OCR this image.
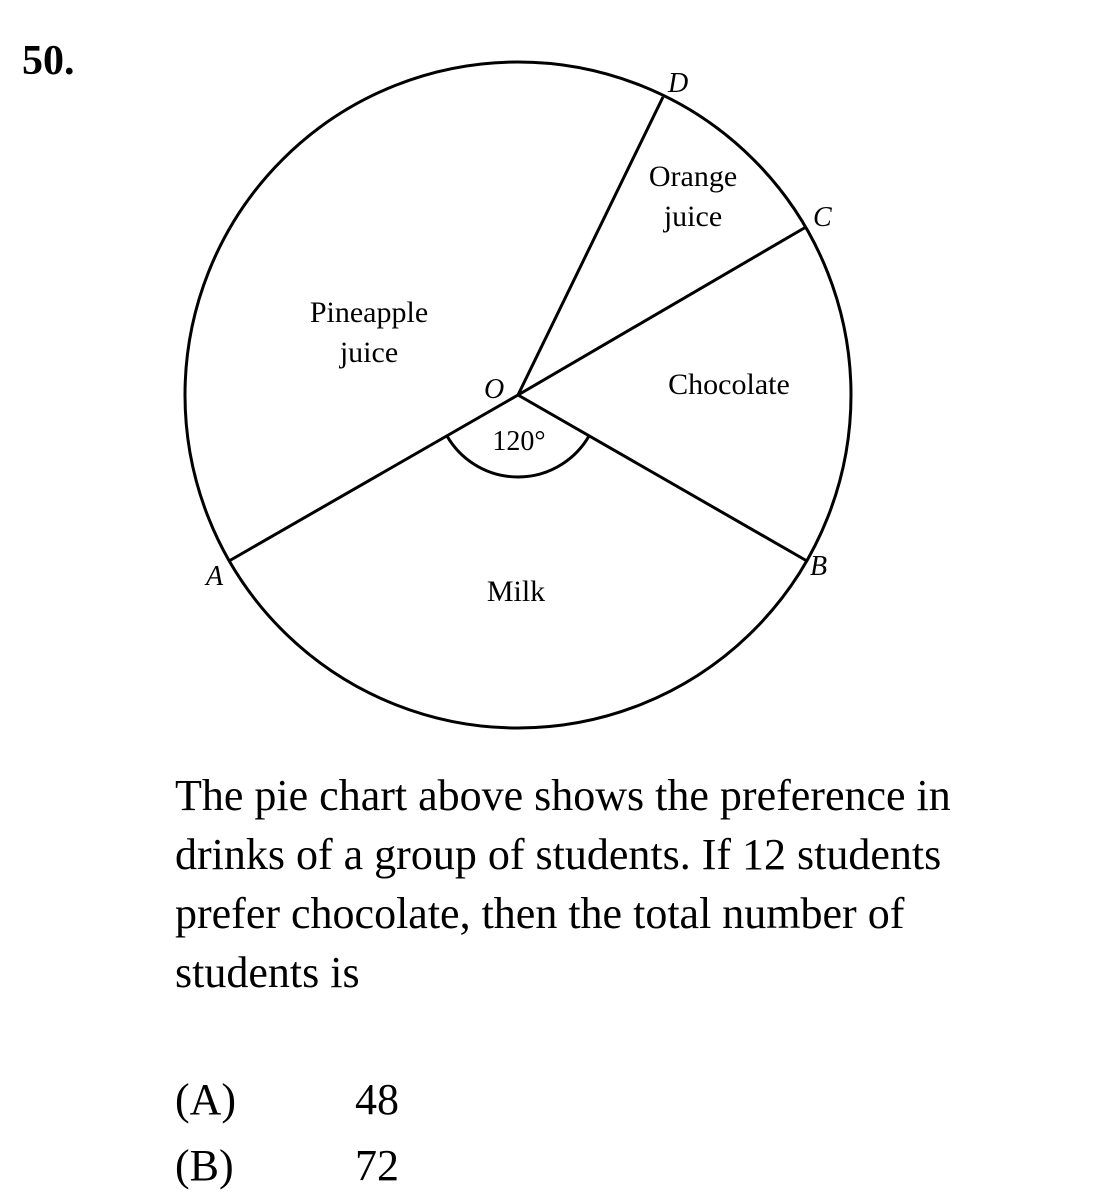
50.	D
C
B
A
O
Orange
juice
Pineapple
juice
Chocolate
Milk
120°
The pie chart above shows the preference in drinks of a group of students. If 12 students prefer chocolate, then the total number of students is
(A)	48
(B)	72
